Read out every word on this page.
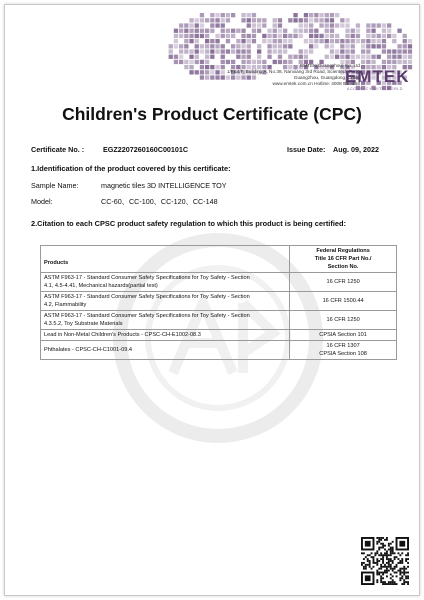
EMTEK(Guangzhou) Co.,Ltd
1/F&4/F, Building A, No.38, Nanxiang 3rd Road, Scientech Park,
Guangzhou, Guangdong, China
www.emtek.com.cn Hotline: 4008 830 258
EMTEK
ACCURACY WITH WORLD
Children's Product Certificate (CPC)
Certificate No. :	EGZ2207260160C00101C	Issue Date: Aug. 09, 2022
1.Identification of the product covered by this certificate:
Sample Name:	magnetic tiles 3D INTELLIGENCE TOY
Model:	CC-60、CC-100、CC-120、CC-148
2.Citation to each CPSC product safety regulation to which this product is being certified:
Products	Federal Regulations
Title 16 CFR Part No./
Section No.

ASTM F963-17 - Standard Consumer Safety Specifications for Toy Safety - Section
4.1, 4.5-4.41, Mechanical hazards(partial test)	16 CFR 1250

ASTM F963-17 - Standard Consumer Safety Specifications for Toy Safety - Section
4.2, Flammability	16 CFR 1500.44

ASTM F963-17 - Standard Consumer Safety Specifications for Toy Safety - Section
4.3.5.2, Toy Substrate Materials	16 CFR 1250

Lead in Non-Metal Children's Products - CPSC-CH-E1002-08.3	CPSIA Section 101

Phthalates - CPSC-CH-C1001-09.4	16 CFR 1307
CPSIA Section 108
